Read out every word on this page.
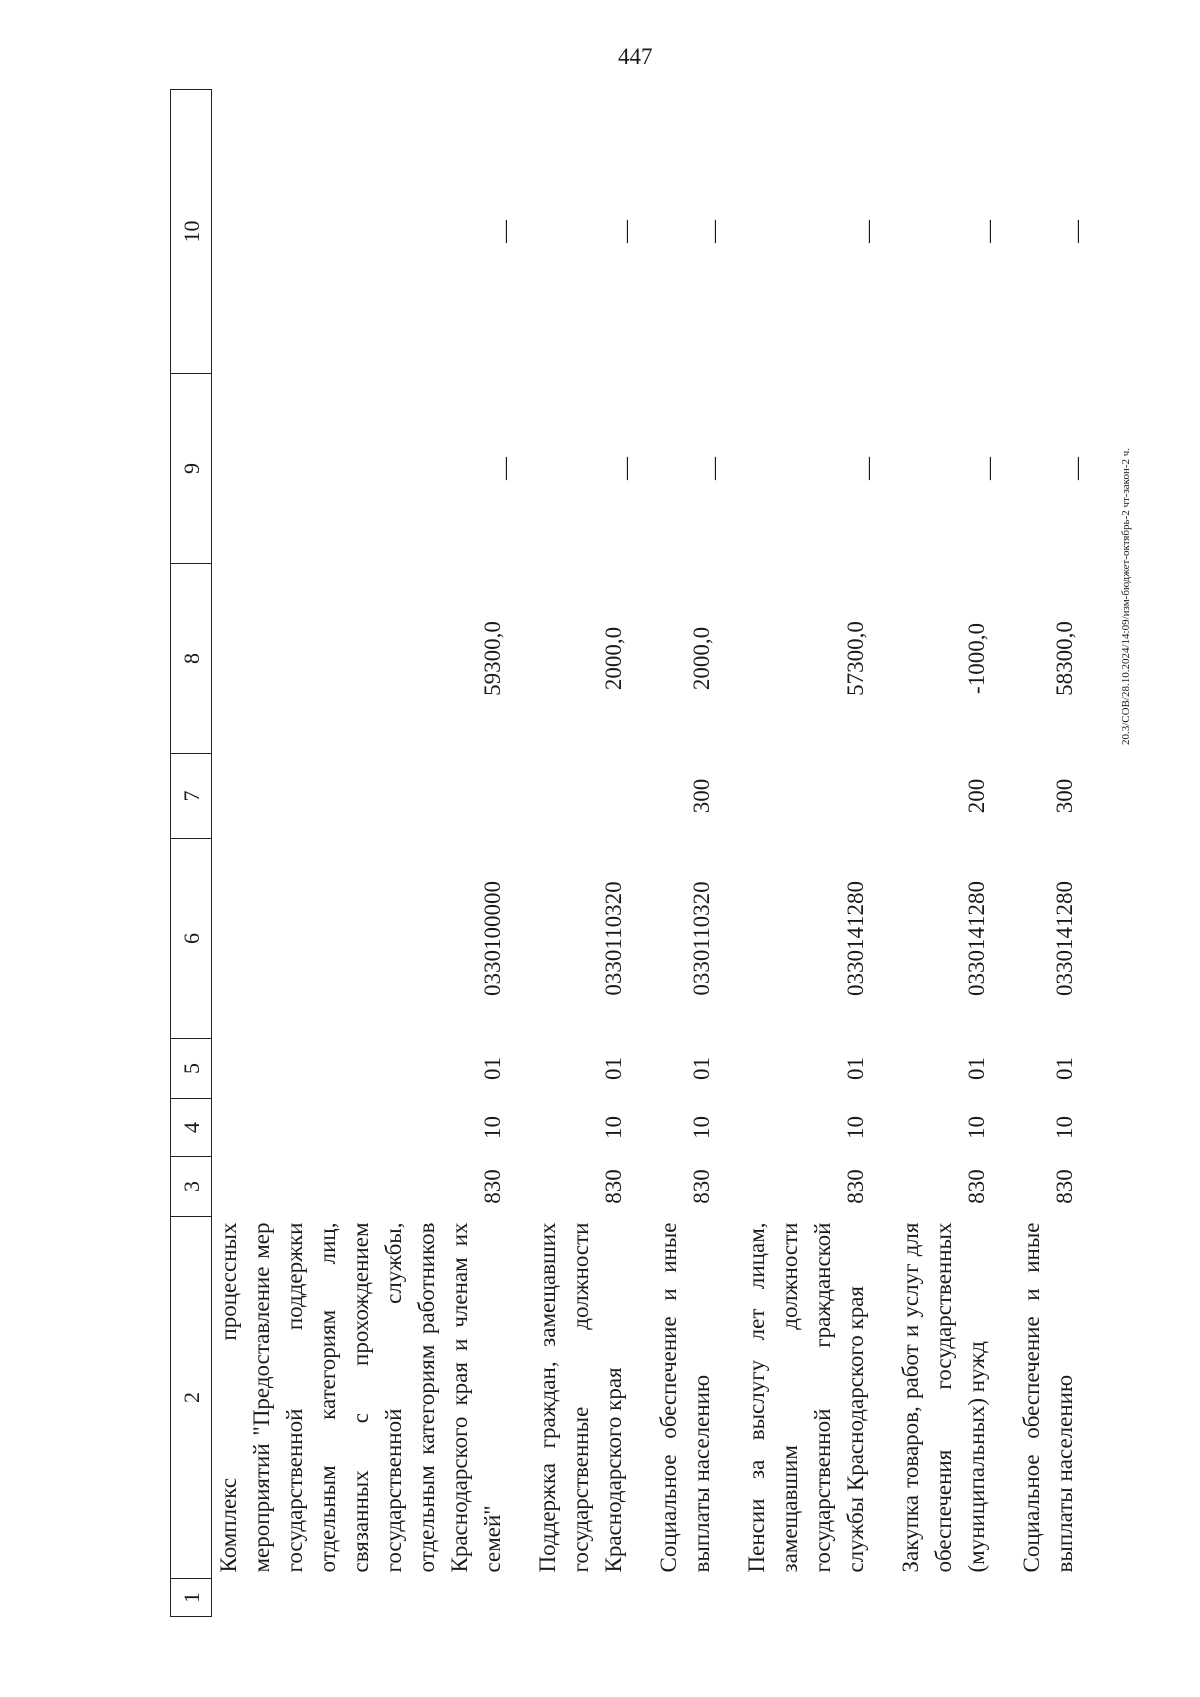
447
1	2	3	4	5	6	7	8	9	10
	Комплекс процессных мероприятий "Предоставление мер государственной поддержки отдельным категориям лиц, связанных с прохождением государственной службы, отдельным категориям работников Краснодарского края и членам их семей"	830	10	01	0330100000		59300,0	—	—
	Поддержка граждан, замещавших государственные должности Краснодарского края	830	10	01	0330110320		2000,0	—	—
	Социальное обеспечение и иные выплаты населению	830	10	01	0330110320	300	2000,0	—	—
	Пенсии за выслугу лет лицам, замещавшим должности государственной гражданской службы Краснодарского края	830	10	01	0330141280		57300,0	—	—
	Закупка товаров, работ и услуг для обеспечения государственных (муниципальных) нужд	830	10	01	0330141280	200	-1000,0	—	—
	Социальное обеспечение и иные выплаты населению	830	10	01	0330141280	300	58300,0	—	—
20.3/СОВ/28.10.2024/14:09/изм-бюджет-октябрь-2 чт-закон-2 ч.
